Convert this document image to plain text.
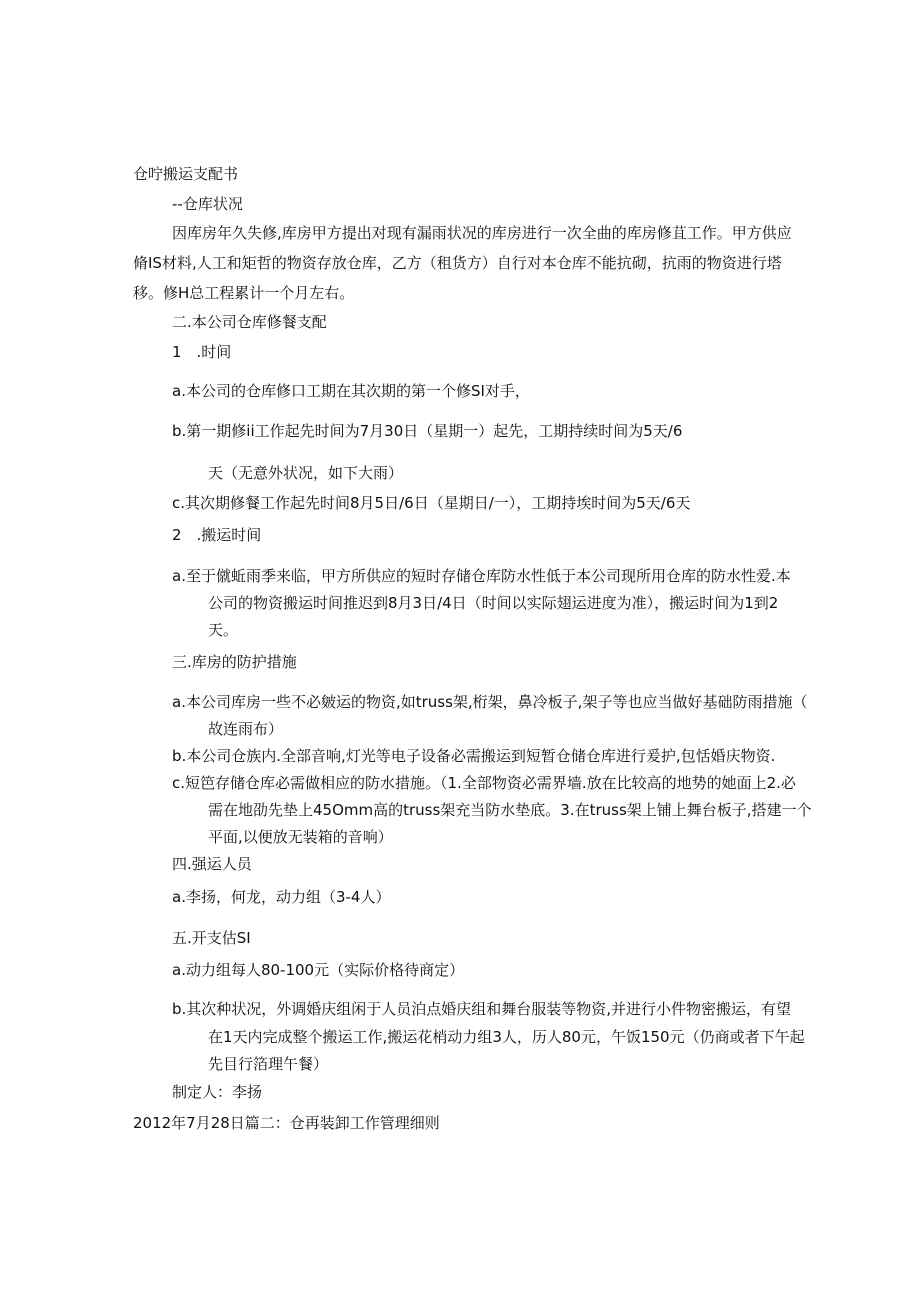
仓咛搬运支配书
--仓库状况
因库房年久失修,库房甲方提出对现有漏雨状况的库房进行一次全曲的库房修苴工作。甲方供应
脩IS材料,人工和矩哲的物资存放仓库，乙方（租货方）自行对本仓库不能抗砌，抗雨的物资进行塔
移。修H总工程累计一个月左右。
二.本公司仓库修餐支配
1　.时间
a.本公司的仓库修口工期在其次期的第一个修SI对手，
b.第一期修ii工作起先时间为7月30日（星期一）起先，工期持续时间为5天/6
天（无意外状况，如下大雨）
c.其次期修餐工作起先时间8月5日/6日（星期日/一），工期持埃时间为5天/6天
2　.搬运时间
a.至于僦蚯雨季来临，甲方所供应的短时存储仓库防水性低于本公司现所用仓库的防水性爱.本
公司的物资搬运时间推迟到8月3日/4日（时间以实际翅运进度为准），搬运时间为1到2
天。
三.库房的防护措施
a.本公司库房一些不必皴运的物资,如truss架,桁架，鼻冷板子,架子等也应当做好基础防雨措施（
故连雨布）
b.本公司仓族内.全部音响,灯光等电子设备必需搬运到短暂仓储仓库进行爰护,包恬婚庆物资.
c.短笆存储仓库必需做相应的防水措施。（1.全部物资必需界墙.放在比较高的地势的她面上2.必
需在地劭先垫上45Omm高的truss架充当防水垫底。3.在truss架上铺上舞台板子,搭建一个
平面,以便放无装箱的音响）
四.强运人员
a.李扬，何龙，动力组（3-4人）
五.开支估SI
a.动力组每人80-100元（实际价格待商定）
b.其次种状况，外调婚庆组闲于人员泊点婚庆组和舞台服装等物资,并进行小件物密搬运，有望
在1天内完成整个搬运工作,搬运花梢动力组3人，历人80元，午饭150元（仍商或者下午起
先目行箔理午餐）
制定人：李扬
2012年7月28日篇二：仓再装卸工作管理细则
